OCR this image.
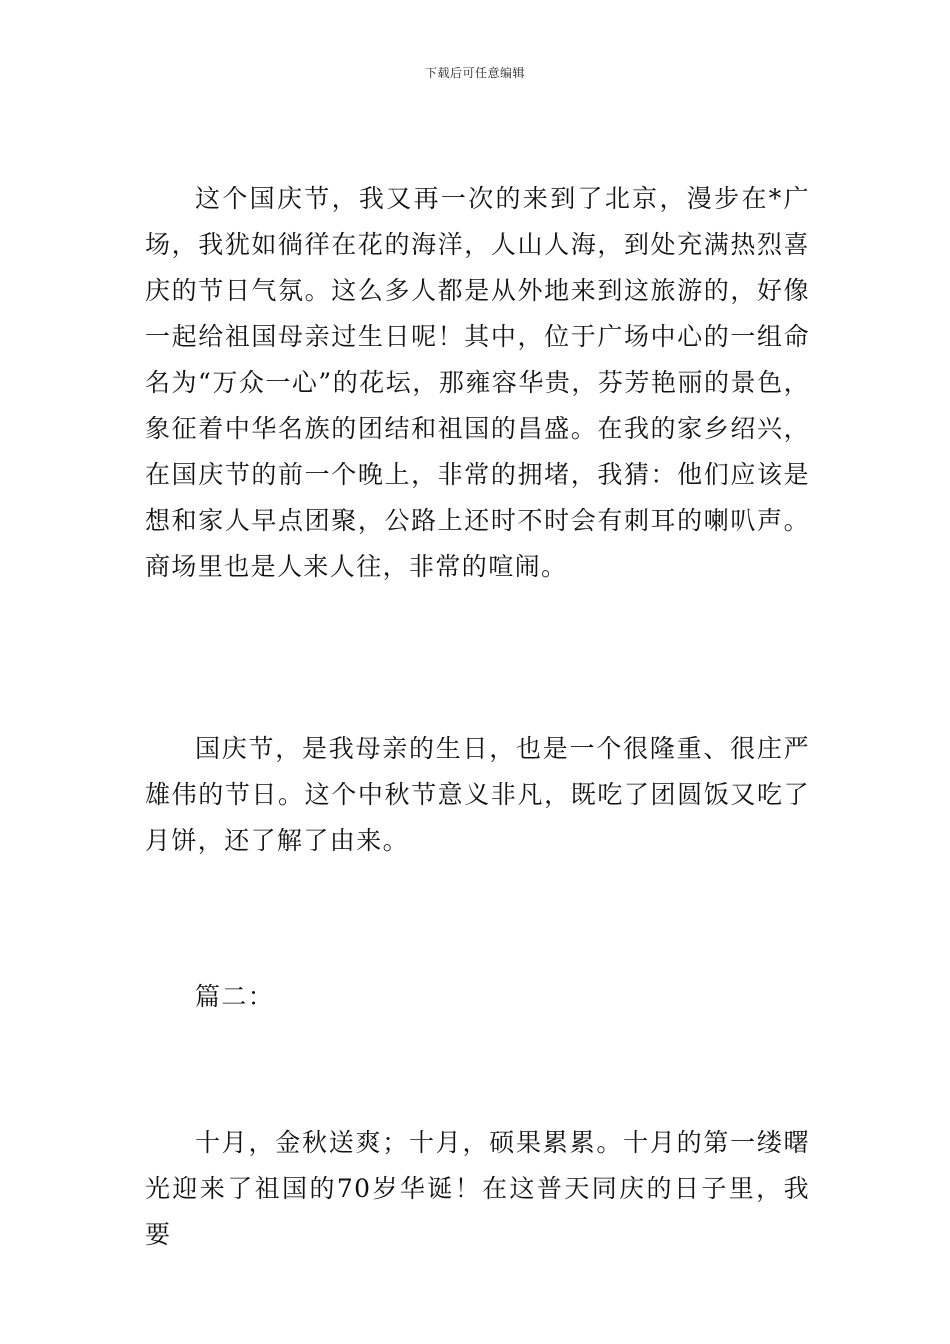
下载后可任意编辑

这个国庆节，我又再一次的来到了北京，漫步在*广场，我犹如徜徉在花的海洋，人山人海，到处充满热烈喜庆的节日气氛。这么多人都是从外地来到这旅游的，好像一起给祖国母亲过生日呢！其中，位于广场中心的一组命名为“万众一心”的花坛，那雍容华贵，芬芳艳丽的景色，象征着中华名族的团结和祖国的昌盛。在我的家乡绍兴，在国庆节的前一个晚上，非常的拥堵，我猜：他们应该是想和家人早点团聚，公路上还时不时会有刺耳的喇叭声。商场里也是人来人往，非常的喧闹。

国庆节，是我母亲的生日，也是一个很隆重、很庄严雄伟的节日。这个中秋节意义非凡，既吃了团圆饭又吃了月饼，还了解了由来。

篇二：

十月，金秋送爽；十月，硕果累累。十月的第一缕曙光迎来了祖国的70岁华诞！在这普天同庆的日子里，我要
